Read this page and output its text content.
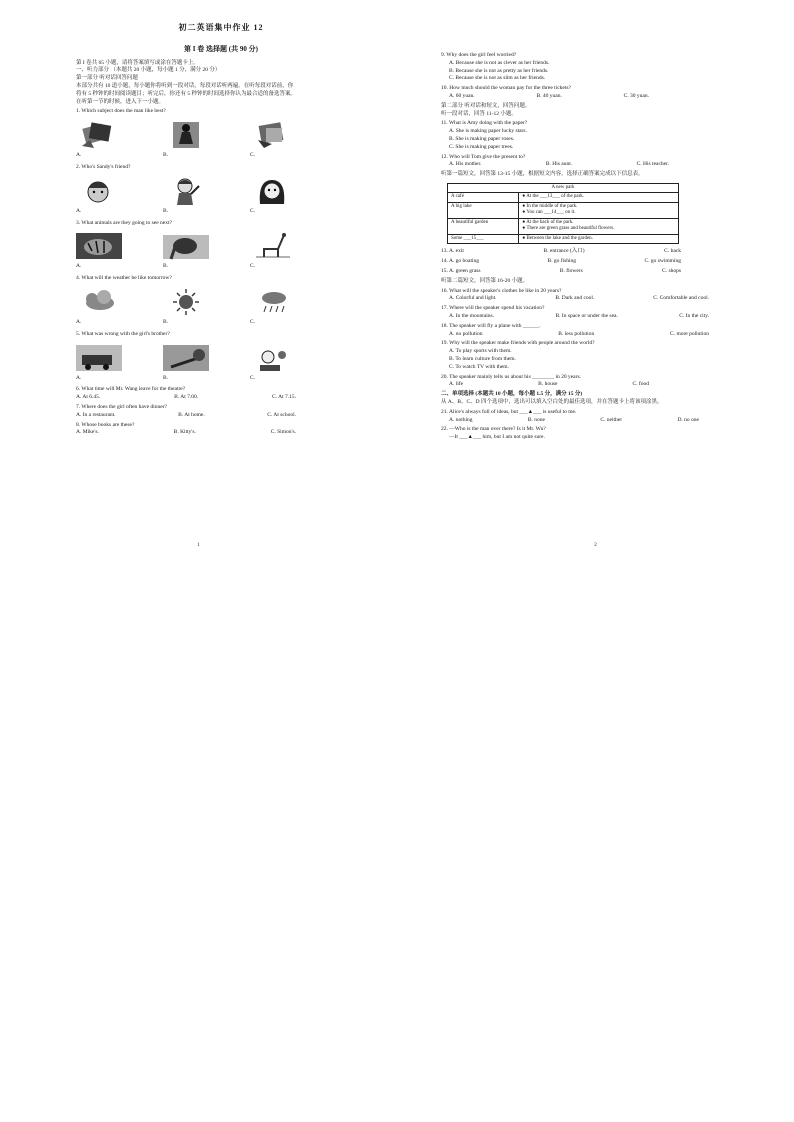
初二英语集中作业 12
第 I 卷 选择题 (共 90 分)
第 I 卷共 65 小题，请将答案填写或涂在答题卡上。
一、听力部分 （本题共 20 小题，每小题 1 分，满分 20 分）
第一部分 听对话回答问题
本部分共有 10 道小题，每小题你将听到一段对话，每段对话听两遍。在听每段对话前，你
将有 5 秒钟的时间阅读题目；听完后，你还有 5 秒钟的时间选择你认为最合适的备选答案。
在听第一节的时候，进入下一小题。
1. Which subject does the man like best?
A.	B.	C.
2. Who's Sandy's friend?
A.	B.	C.
3. What animals are they going to see next?
A.	B.	C.
4. What will the weather be like tomorrow?
A.	B.	C.
5. What was wrong with the girl's brother?
A.	B.	C.
6. What time will Mr. Wang leave for the theatre?
A. At 6.45.	B. At 7.00.	C. At 7.15.
7. Where does the girl often have dinner?
A. In a restaurant.	B. At home.	C. At school.
8. Whose books are these?
A. Mike's.	B. Kitty's.	C. Simon's.
1
9. Why does the girl feel worried?
A. Because she is not as clever as her friends.
B. Because she is not as pretty as her friends.
C. Because she is not as slim as her friends.
10. How much should the woman pay for the three tickets?
A. 60 yuan.	B. 40 yuan.	C. 30 yuan.
第二部分 听对话和短文，回答问题。
听一段对话，回答 11-12 小题。
11. What is Amy doing with the paper?
A. She is making paper lucky stars.
B. She is making paper roses.
C. She is making paper trees.
12. Who will Tom give the present to?
A. His mother.	B. His aunt.	C. His teacher.
听第一篇短文，回答第 13-15 小题，根据短文内容，选择正确答案完成以下信息表。
A new park	
A café	● At the ___13___ of the park.
A big lake	● In the middle of the park.
● You can ___14___ on it.

A beautiful garden	● At the back of the park.
● There are green grass and beautiful flowers.

Some ___15___	● Between the lake and the garden.
13. A. exit	B. entrance (入口)	C. back
14. A. go boating	B. go fishing	C. go swimming
15. A. green grass	B. flowers	C. shops
听第二篇短文，回答第 16-20 小题。
16. What will the speaker's clothes be like in 20 years?
A. Colorful and light.	B. Dark and cool.	C. Comfortable and cool.
17. Where will the speaker spend his vacation?
A. In the mountains.	B. In space or under the sea.	C. In the city.
18. The speaker will fly a plane with ______.
A. no pollution	B. less pollution	C. more pollution
19. Why will the speaker make friends with people around the world?
A. To play sports with them.
B. To learn culture from them.
C. To watch TV with them.
20. The speaker mainly tells us about his ________ in 20 years.
A. life	B. house	C. food
二、单项选择 (本题共 10 小题，每小题 1.5 分，满分 15 分)
从 A、B、C、D 四个选项中，选出可以填入空白处的最佳选项，并在答题卡上将该项涂黑。
21. Alice's always full of ideas, but ___▲___ is useful to me.
A. nothing	B. none	C. neither	D. no one
22. —Who is the man over there? Is it Mr. Wu?
—It ___▲___ him, but I am not quite sure.
2
